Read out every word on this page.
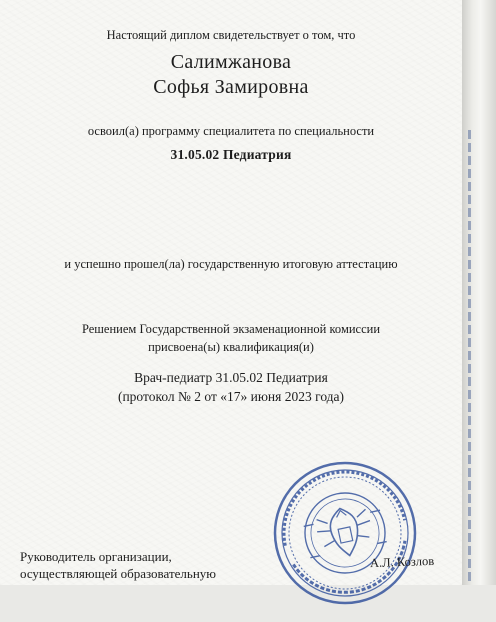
Настоящий диплом свидетельствует о том, что
Салимжанова
Софья Замировна
освоил(а) программу специалитета по специальности
31.05.02 Педиатрия
и успешно прошел(ла) государственную итоговую аттестацию
Решением Государственной экзаменационной комиссии
присвоена(ы) квалификация(и)
Врач-педиатр 31.05.02 Педиатрия
(протокол № 2 от «17» июня 2023 года)
Руководитель организации,
осуществляющей образовательную
А.Л. Козлов
